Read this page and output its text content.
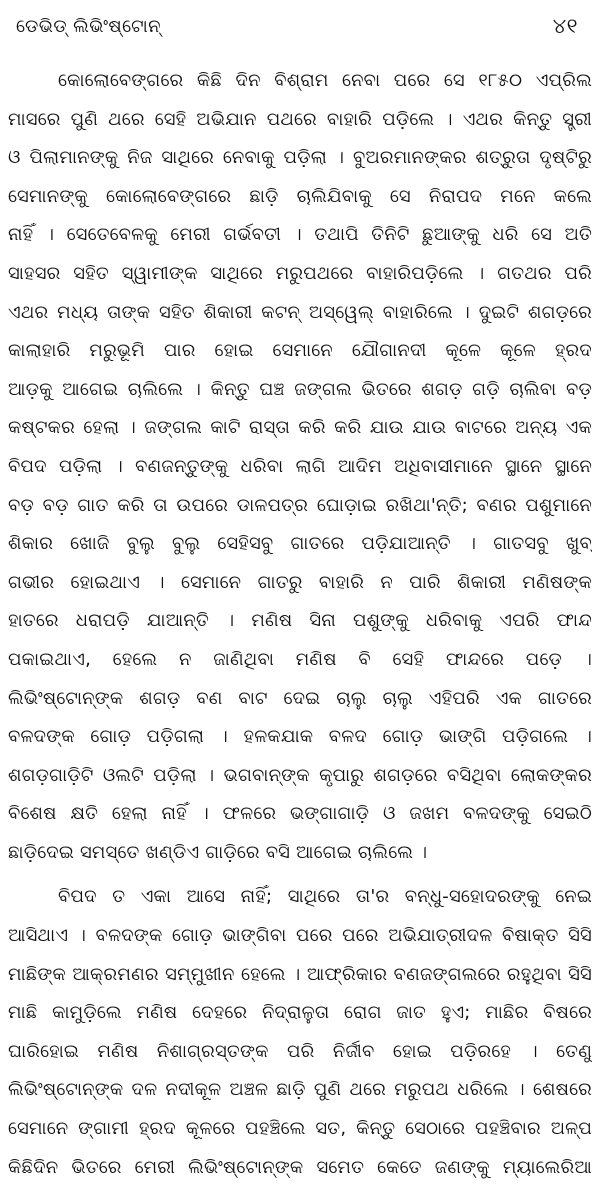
ଡେଭିଡ୍ ଲିଭିଂଷ୍ଟୋନ୍	୪୧
କୋଲୋବେଙ୍ଗରେ କିଛି ଦିନ ବିଶ୍ରାମ ନେବା ପରେ ସେ ୧୮୫୦ ଏପ୍ରିଲ
ମାସରେ ପୁଣି ଥରେ ସେହି ଅଭିଯାନ ପଥରେ ବାହାରି ପଡ଼ିଲେ । ଏଥର କିନ୍ତୁ ସ୍ତ୍ରୀ
ଓ ପିଲାମାନଙ୍କୁ ନିଜ ସାଥିରେ ନେବାକୁ ପଡ଼ିଲା । ବୁଅରମାନଙ୍କର ଶତ୍ରୁତା ଦୃଷ୍ଟିରୁ
ସେମାନଙ୍କୁ କୋଲୋବେଙ୍ଗରେ ଛାଡ଼ି ଚାଲିଯିବାକୁ ସେ ନିରାପଦ ମନେ କଲେ
ନାହିଁ । ସେତେବେଳକୁ ମେରୀ ଗର୍ଭବତୀ । ତଥାପି ତିନିଟି ଛୁଆଙ୍କୁ ଧରି ସେ ଅତି
ସାହସର ସହିତ ସ୍ୱାମୀଙ୍କ ସାଥିରେ ମରୁପଥରେ ବାହାରିପଡ଼ିଲେ । ଗତଥର ପରି
ଏଥର ମଧ୍ୟ ତାଙ୍କ ସହିତ ଶିକାରୀ କଟନ୍ ଅସ୍‌ୱେଲ୍ ବାହାରିଲେ । ଦୁଇଟି ଶଗଡ଼ରେ
କାଲାହାରି ମରୁଭୂମି ପାର ହୋଇ ସେମାନେ ଯୌଗାନଦୀ କୂଳେ କୂଳେ ହ୍ରଦ
ଆଡ଼କୁ ଆଗେଇ ଚାଲିଲେ । କିନ୍ତୁ ଘଞ୍ଚ ଜଙ୍ଗଲ ଭିତରେ ଶଗଡ଼ ଗଡ଼ି ଚାଲିବା ବଡ଼
କଷ୍ଟକର ହେଲା । ଜଙ୍ଗଲ କାଟି ରାସ୍ତା କରି କରି ଯାଉ ଯାଉ ବାଟରେ ଅନ୍ୟ ଏକ
ବିପଦ ପଡ଼ିଲା । ବଣଜନ୍ତୁଙ୍କୁ ଧରିବା ଲାଗି ଆଦିମ ଅଧିବାସୀମାନେ ସ୍ଥାନେ ସ୍ଥାନେ
ବଡ଼ ବଡ଼ ଗାତ କରି ତା ଉପରେ ଡାଳପତ୍ର ଘୋଡ଼ାଇ ରଖିଥା'ନ୍ତି; ବଣର ପଶୁମାନେ
ଶିକାର ଖୋଜି ବୁଲୁ ବୁଲୁ ସେହିସବୁ ଗାତରେ ପଡ଼ିଯାଆନ୍ତି । ଗାତସବୁ ଖୁବ୍
ଗଭୀର ହୋଇଥାଏ । ସେମାନେ ଗାତରୁ ବାହାରି ନ ପାରି ଶିକାରୀ ମଣିଷଙ୍କ
ହାତରେ ଧରାପଡ଼ି ଯାଆନ୍ତି । ମଣିଷ ସିନା ପଶୁଙ୍କୁ ଧରିବାକୁ ଏପରି ଫାନ୍ଦ
ପକାଇଥାଏ, ହେଲେ ନ ଜାଣିଥିବା ମଣିଷ ବି ସେହି ଫାନ୍ଦରେ ପଡ଼େ ।
ଲିଭିଂଷ୍ଟୋନ୍‌ଙ୍କ ଶଗଡ଼ ବଣ ବାଟ ଦେଇ ଚାଲୁ ଚାଲୁ ଏହିପରି ଏକ ଗାତରେ
ବଳଦଙ୍କ ଗୋଡ଼ ପଡ଼ିଗଲା । ହଳକଯାକ ବଳଦ ଗୋଡ଼ ଭାଙ୍ଗି ପଡ଼ିଗଲେ ।
ଶଗଡ଼ଗାଡ଼ିଟି ଓଲଟି ପଡ଼ିଲା । ଭଗବାନ୍‌ଙ୍କ କୃପାରୁ ଶଗଡ଼ରେ ବସିଥିବା ଲୋକଙ୍କର
ବିଶେଷ କ୍ଷତି ହେଲା ନାହିଁ । ଫଳରେ ଭଙ୍ଗାଗାଡ଼ି ଓ ଜଖମ ବଳଦଙ୍କୁ ସେଇଠି
ଛାଡ଼ିଦେଇ ସମସ୍ତେ ଖଣ୍ଡିଏ ଗାଡ଼ିରେ ବସି ଆଗେଇ ଚାଲିଲେ ।
ବିପଦ ତ ଏକା ଆସେ ନାହିଁ; ସାଥିରେ ତା'ର ବନ୍ଧୁ-ସହୋଦରଙ୍କୁ ନେଇ
ଆସିଥାଏ । ବଳଦଙ୍କ ଗୋଡ଼ ଭାଙ୍ଗିବା ପରେ ପରେ ଅଭିଯାତ୍ରୀଦଳ ବିଷାକ୍ତ ସିସି
ମାଛିଙ୍କ ଆକ୍ରମଣର ସମ୍ମୁଖୀନ ହେଲେ । ଆଫ୍ରିକାର ବଣଜଙ୍ଗଲରେ ରହୁଥିବା ସିସି
ମାଛି କାମୁଡ଼ିଲେ ମଣିଷ ଦେହରେ ନିଦ୍ରାଳୁତା ରୋଗ ଜାତ ହୁଏ; ମାଛିର ବିଷରେ
ଘାରିହୋଇ ମଣିଷ ନିଶାଗ୍ରସ୍ତଙ୍କ ପରି ନିର୍ଜୀବ ହୋଇ ପଡ଼ିରହେ । ତେଣୁ
ଲିଭିଂଷ୍ଟୋନ୍‌ଙ୍କ ଦଳ ନଦୀକୂଳ ଅଞ୍ଚଳ ଛାଡ଼ି ପୁଣି ଥରେ ମରୁପଥ ଧରିଲେ । ଶେଷରେ
ସେମାନେ ଙ୍ଗାମୀ ହ୍ରଦ କୂଳରେ ପହଞ୍ଚିଲେ ସତ, କିନ୍ତୁ ସେଠାରେ ପହଞ୍ଚିବାର ଅଳ୍ପ
କିଛିଦିନ ଭିତରେ ମେରୀ ଲିଭିଂଷ୍ଟୋନ୍‌ଙ୍କ ସମେତ କେତେ ଜଣଙ୍କୁ ମ୍ୟାଲେରିଆ
